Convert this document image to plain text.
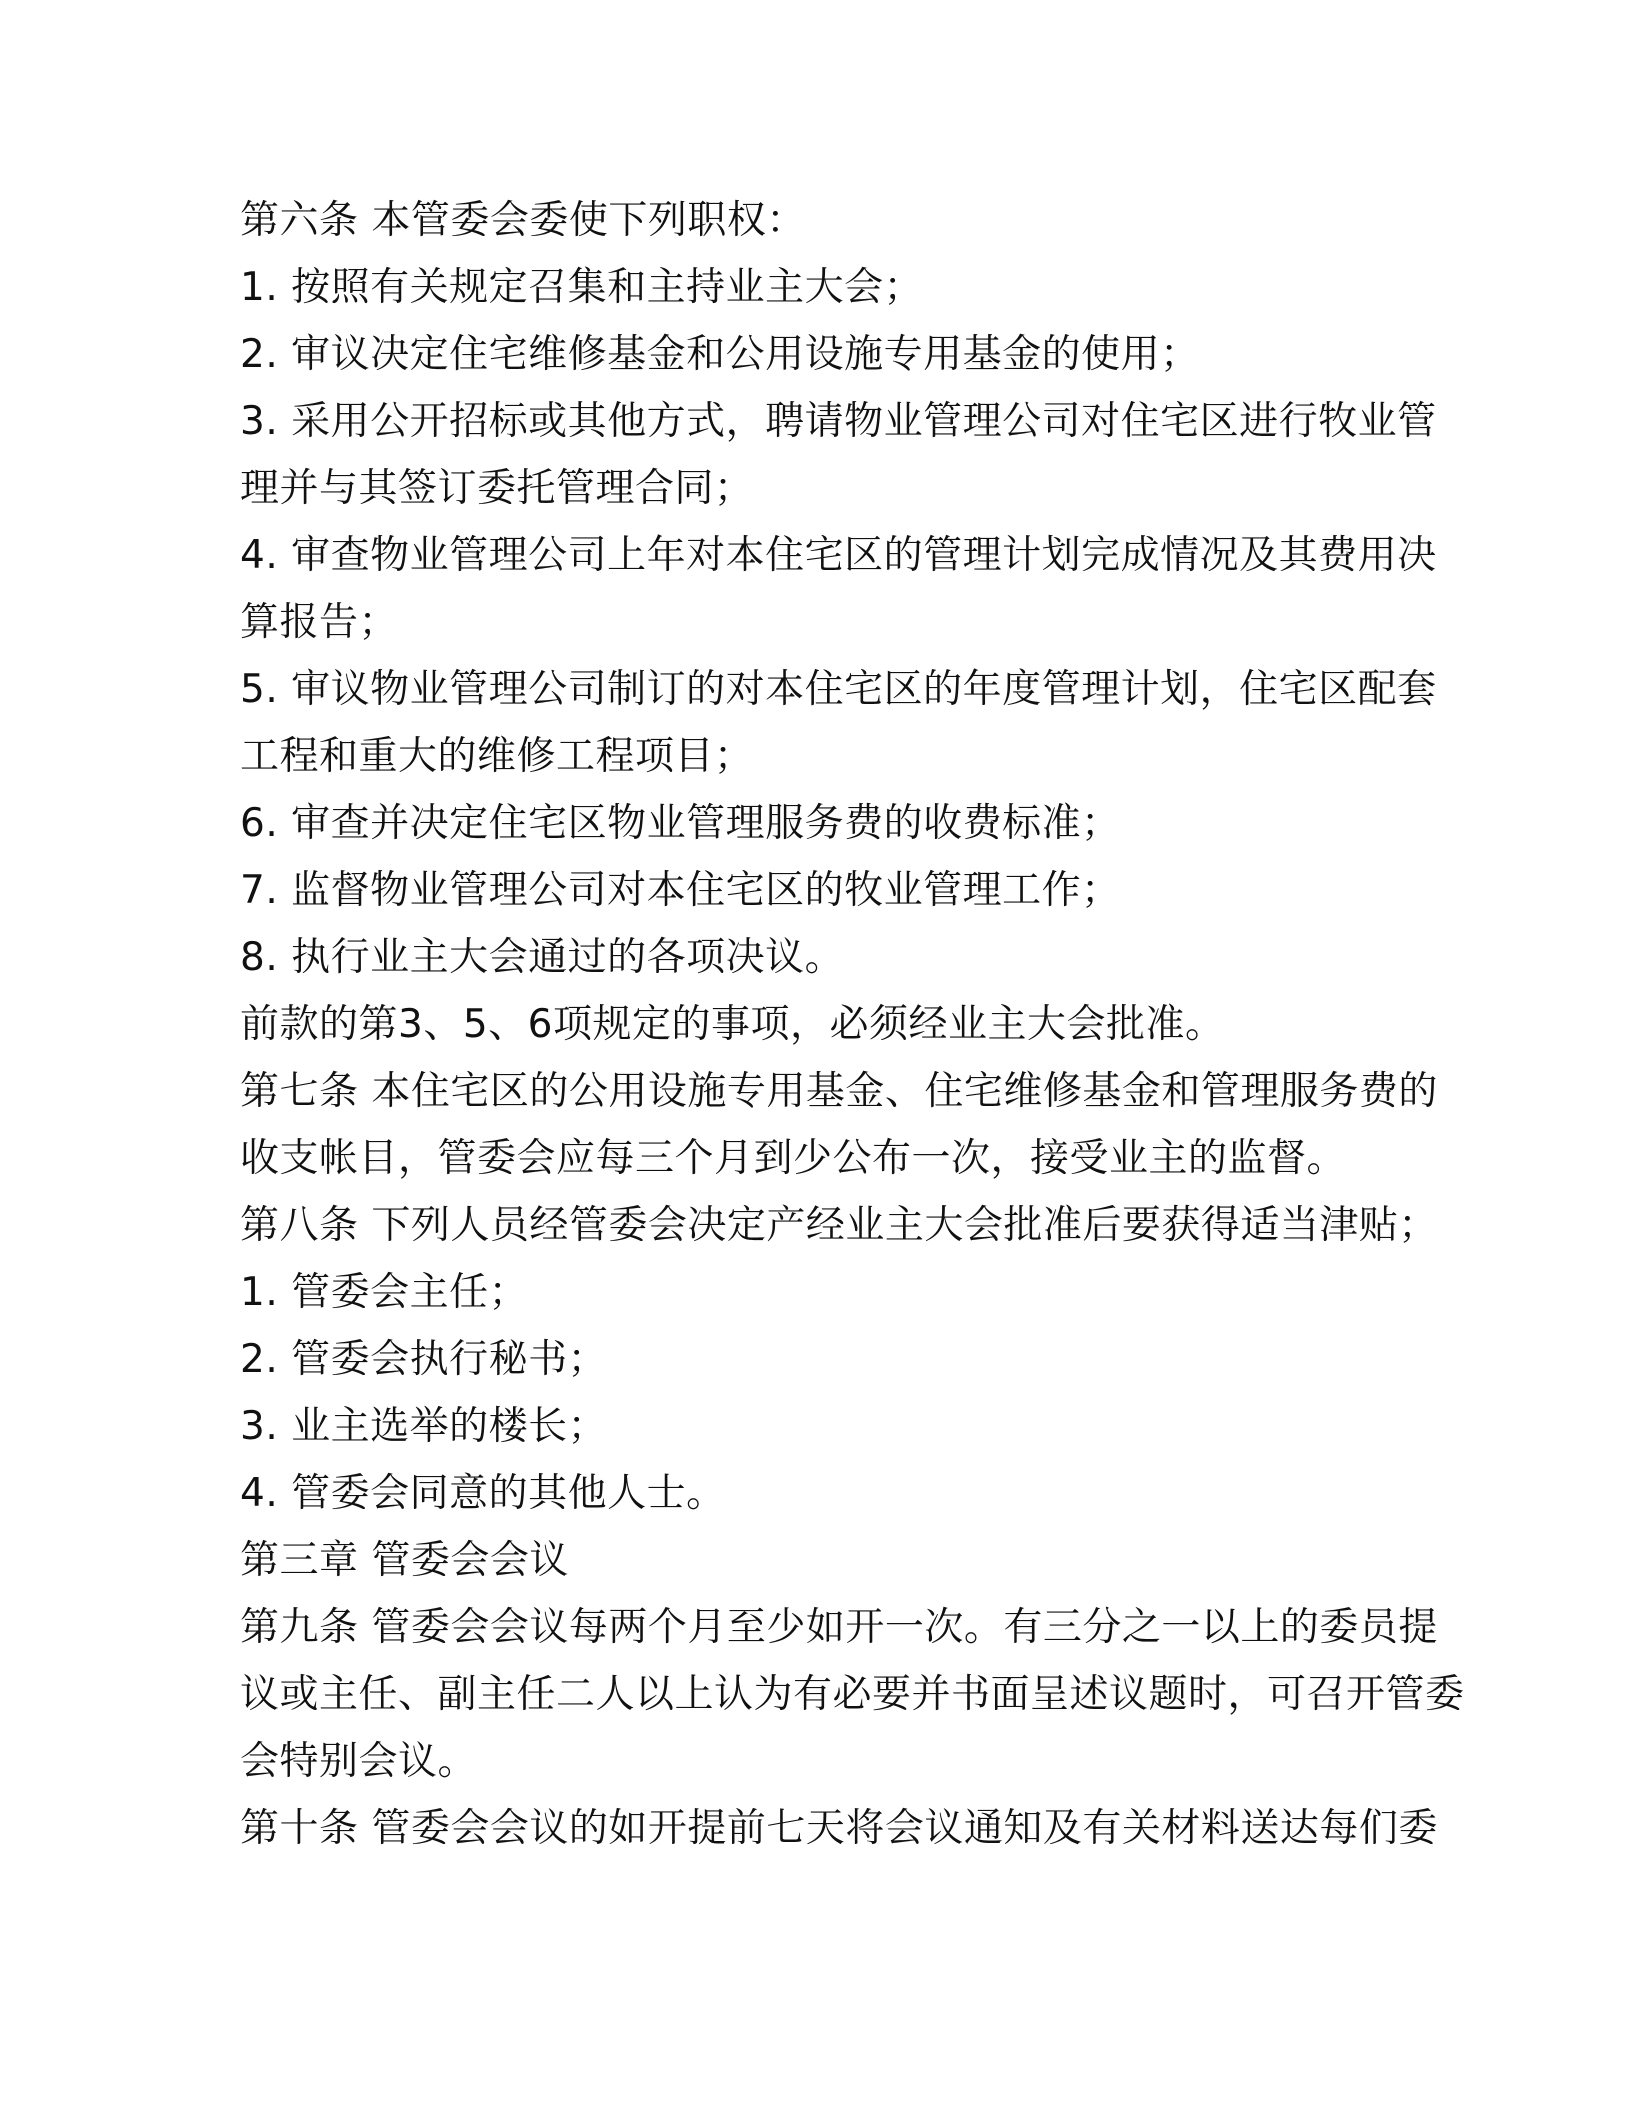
第六条 本管委会委使下列职权：
1. 按照有关规定召集和主持业主大会；
2. 审议决定住宅维修基金和公用设施专用基金的使用；
3. 采用公开招标或其他方式，聘请物业管理公司对住宅区进行牧业管
理并与其签订委托管理合同；
4. 审查物业管理公司上年对本住宅区的管理计划完成情况及其费用决
算报告；
5. 审议物业管理公司制订的对本住宅区的年度管理计划，住宅区配套
工程和重大的维修工程项目；
6. 审查并决定住宅区物业管理服务费的收费标准；
7. 监督物业管理公司对本住宅区的牧业管理工作；
8. 执行业主大会通过的各项决议。
前款的第3、5、6项规定的事项，必须经业主大会批准。
第七条 本住宅区的公用设施专用基金、住宅维修基金和管理服务费的
收支帐目，管委会应每三个月到少公布一次，接受业主的监督。
第八条 下列人员经管委会决定产经业主大会批准后要获得适当津贴；
1. 管委会主任；
2. 管委会执行秘书；
3. 业主选举的楼长；
4. 管委会同意的其他人士。
第三章 管委会会议
第九条 管委会会议每两个月至少如开一次。有三分之一以上的委员提
议或主任、副主任二人以上认为有必要并书面呈述议题时，可召开管委
会特别会议。
第十条 管委会会议的如开提前七天将会议通知及有关材料送达每们委
